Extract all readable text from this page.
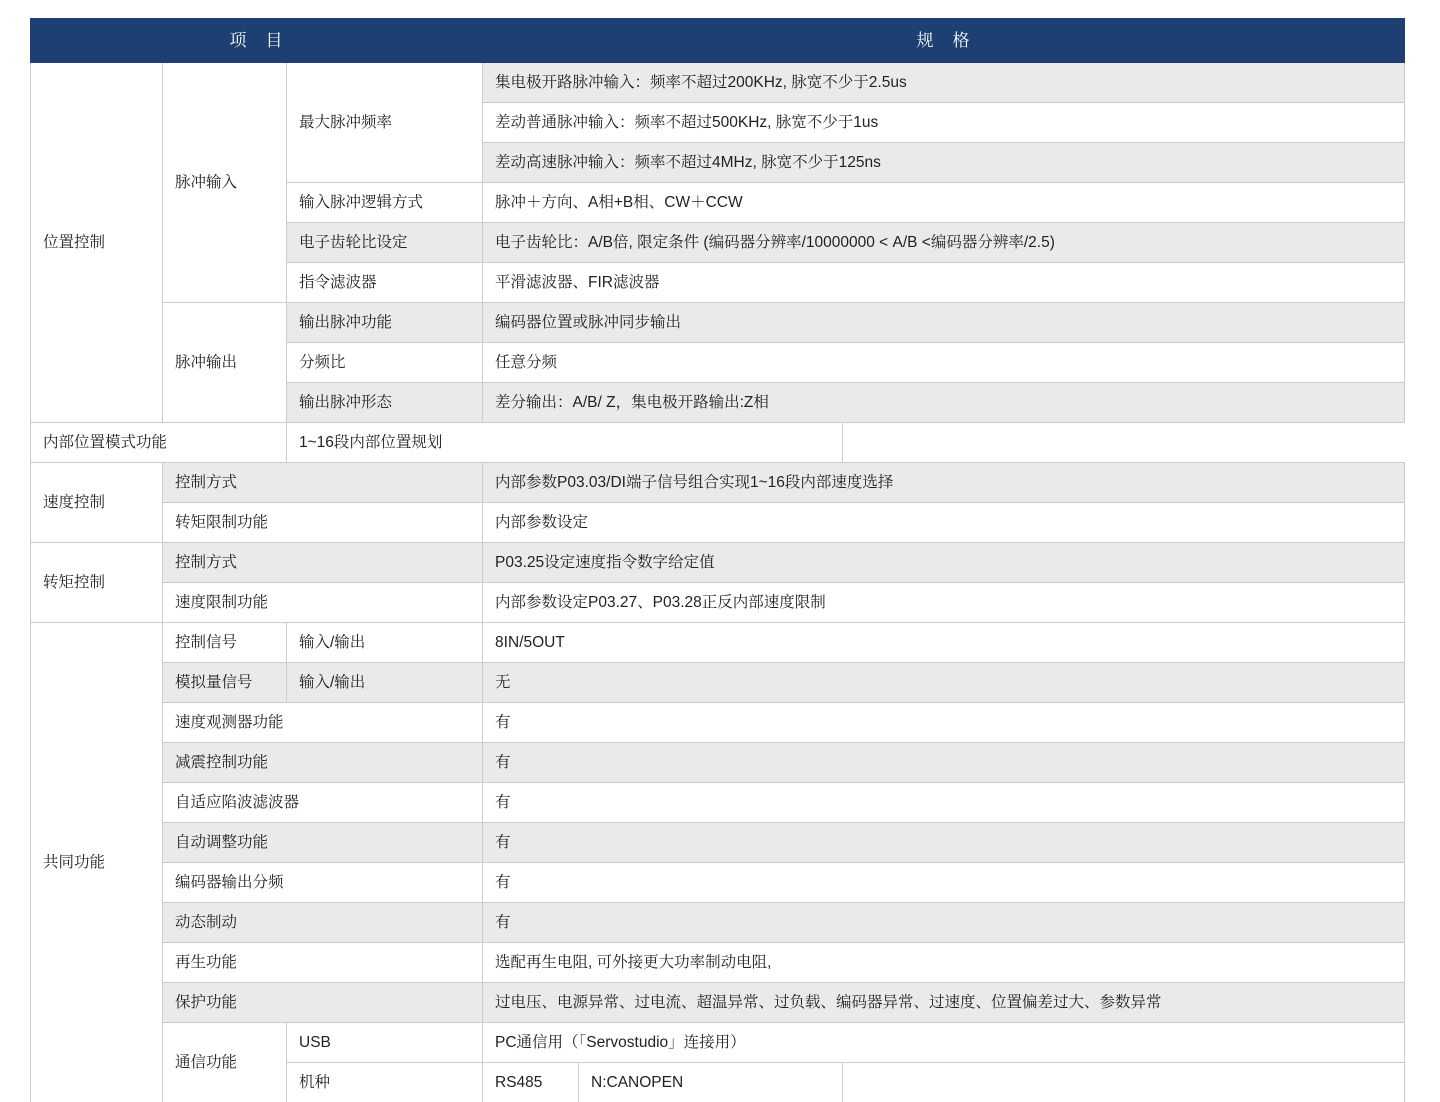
项　目			规　格		
位置控制	脉冲输入	最大脉冲频率	集电极开路脉冲输入：频率不超过200KHz, 脉宽不少于2.5us		
			差动普通脉冲输入：频率不超过500KHz, 脉宽不少于1us		
			差动高速脉冲输入：频率不超过4MHz, 脉宽不少于125ns		
		输入脉冲逻辑方式	脉冲＋方向、A相+B相、CW＋CCW		
		电子齿轮比设定	电子齿轮比：A/B倍, 限定条件 (编码器分辨率/10000000 < A/B <编码器分辨率/2.5)		
		指令滤波器	平滑滤波器、FIR滤波器		
	脉冲输出	输出脉冲功能	编码器位置或脉冲同步输出		
		分频比	任意分频		
		输出脉冲形态	差分输出：A/B/ Z，集电极开路输出:Z相		
内部位置模式功能		1~16段内部位置规划			
速度控制	控制方式		内部参数P03.03/DI端子信号组合实现1~16段内部速度选择		
	转矩限制功能		内部参数设定		
转矩控制	控制方式		P03.25设定速度指令数字给定值		
	速度限制功能		内部参数设定P03.27、P03.28正反内部速度限制		
共同功能	控制信号	输入/输出	8IN/5OUT		
	模拟量信号	输入/输出	无		
	速度观测器功能		有		
	减震控制功能		有		
	自适应陷波滤波器		有		
	自动调整功能		有		
	编码器输出分频		有		
	动态制动		有		
	再生功能		选配再生电阻, 可外接更大功率制动电阻,		
	保护功能		过电压、电源异常、过电流、超温异常、过负载、编码器异常、过速度、位置偏差过大、参数异常		
	通信功能	USB	PC通信用（「Servostudio」连接用）		
		机种	RS485	N:CANOPEN	
